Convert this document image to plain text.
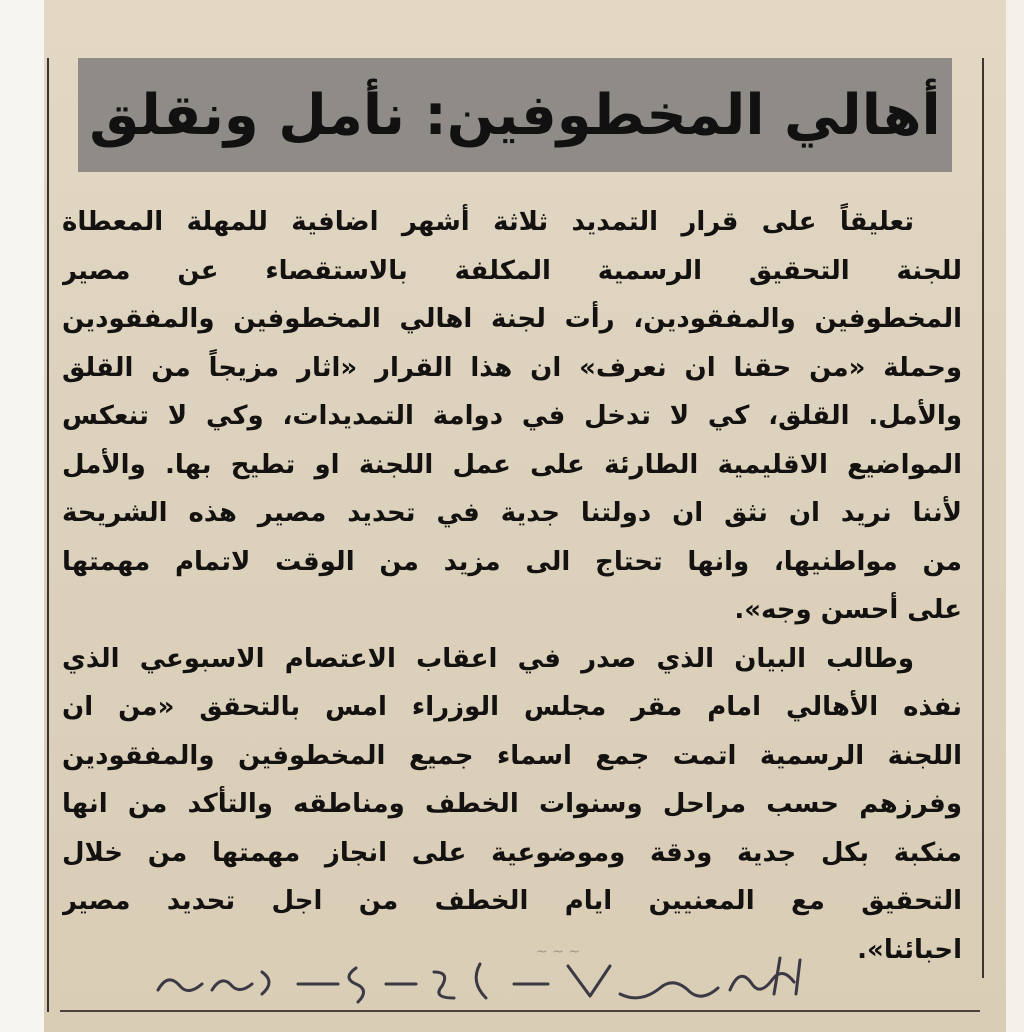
أهالي المخطوفين: نأمل ونقلق
تعليقاً على قرار التمديد ثلاثة أشهر اضافية للمهلة المعطاة
للجنة التحقيق الرسمية المكلفة بالاستقصاء عن مصير
المخطوفين والمفقودين، رأت لجنة اهالي المخطوفين والمفقودين
وحملة «من حقنا ان نعرف» ان هذا القرار «اثار مزيجاً من القلق
والأمل. القلق، كي لا تدخل في دوامة التمديدات، وكي لا تنعكس
المواضيع الاقليمية الطارئة على عمل اللجنة او تطيح بها. والأمل
لأننا نريد ان نثق ان دولتنا جدية في تحديد مصير هذه الشريحة
من مواطنيها، وانها تحتاج الى مزيد من الوقت لاتمام مهمتها
على أحسن وجه».
وطالب البيان الذي صدر في اعقاب الاعتصام الاسبوعي الذي
نفذه الأهالي امام مقر مجلس الوزراء امس بالتحقق «من ان
اللجنة الرسمية اتمت جمع اسماء جميع المخطوفين والمفقودين
وفرزهم حسب مراحل وسنوات الخطف ومناطقه والتأكد من انها
منكبة بكل جدية ودقة وموضوعية على انجاز مهمتها من خلال
التحقيق مع المعنيين ايام الخطف من اجل تحديد مصير
احبائنا».
~ ~ ~
